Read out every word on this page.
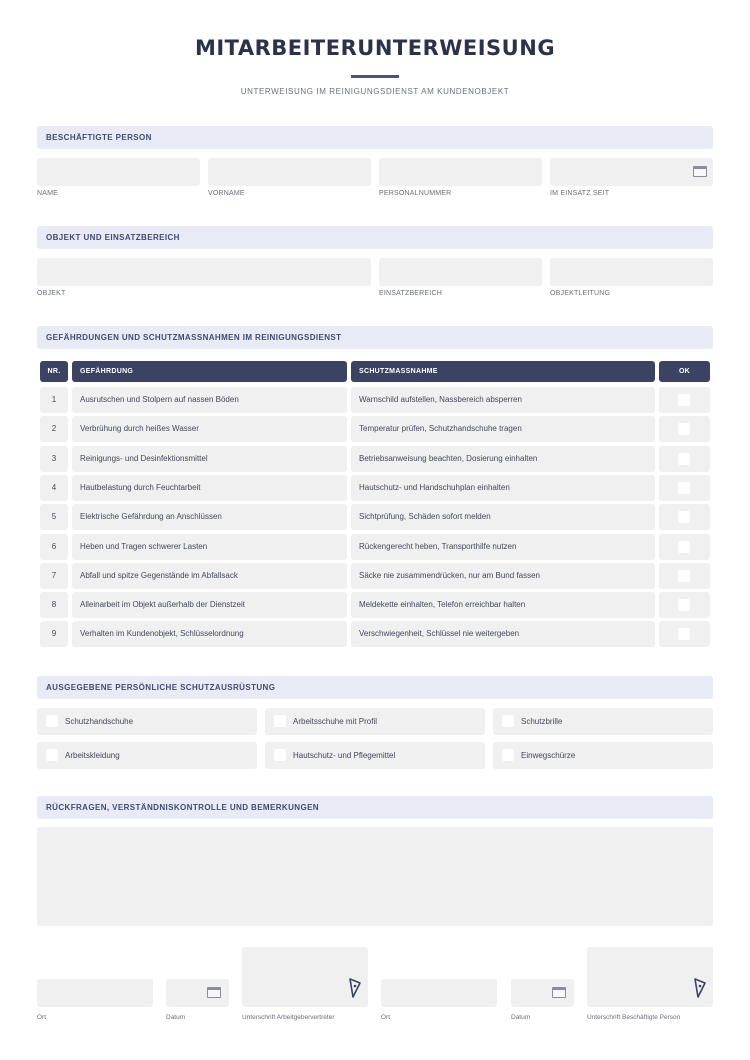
MITARBEITERUNTERWEISUNG
UNTERWEISUNG IM REINIGUNGSDIENST AM KUNDENOBJEKT
BESCHÄFTIGTE PERSON
NAME	VORNAME	PERSONALNUMMER	IM EINSATZ SEIT
OBJEKT UND EINSATZBEREICH
OBJEKT	EINSATZBEREICH	OBJEKTLEITUNG
GEFÄHRDUNGEN UND SCHUTZMASSNAHMEN IM REINIGUNGSDIENST
NR.	GEFÄHRDUNG	SCHUTZMASSNAHME	OK
1	Ausrutschen und Stolpern auf nassen Böden	Warnschild aufstellen, Nassbereich absperren
2	Verbrühung durch heißes Wasser	Temperatur prüfen, Schutzhandschuhe tragen
3	Reinigungs- und Desinfektionsmittel	Betriebsanweisung beachten, Dosierung einhalten
4	Hautbelastung durch Feuchtarbeit	Hautschutz- und Handschuhplan einhalten
5	Elektrische Gefährdung an Anschlüssen	Sichtprüfung, Schäden sofort melden
6	Heben und Tragen schwerer Lasten	Rückengerecht heben, Transporthilfe nutzen
7	Abfall und spitze Gegenstände im Abfallsack	Säcke nie zusammendrücken, nur am Bund fassen
8	Alleinarbeit im Objekt außerhalb der Dienstzeit	Meldekette einhalten, Telefon erreichbar halten
9	Verhalten im Kundenobjekt, Schlüsselordnung	Verschwiegenheit, Schlüssel nie weitergeben
AUSGEGEBENE PERSÖNLICHE SCHUTZAUSRÜSTUNG
Schutzhandschuhe	Arbeitsschuhe mit Profil	Schutzbrille
Arbeitskleidung	Hautschutz- und Pflegemittel	Einwegschürze
RÜCKFRAGEN, VERSTÄNDNISKONTROLLE UND BEMERKUNGEN
Ort	Datum	Unterschrift Arbeitgebervertreter	Ort	Datum	Unterschrift Beschäftigte Person
